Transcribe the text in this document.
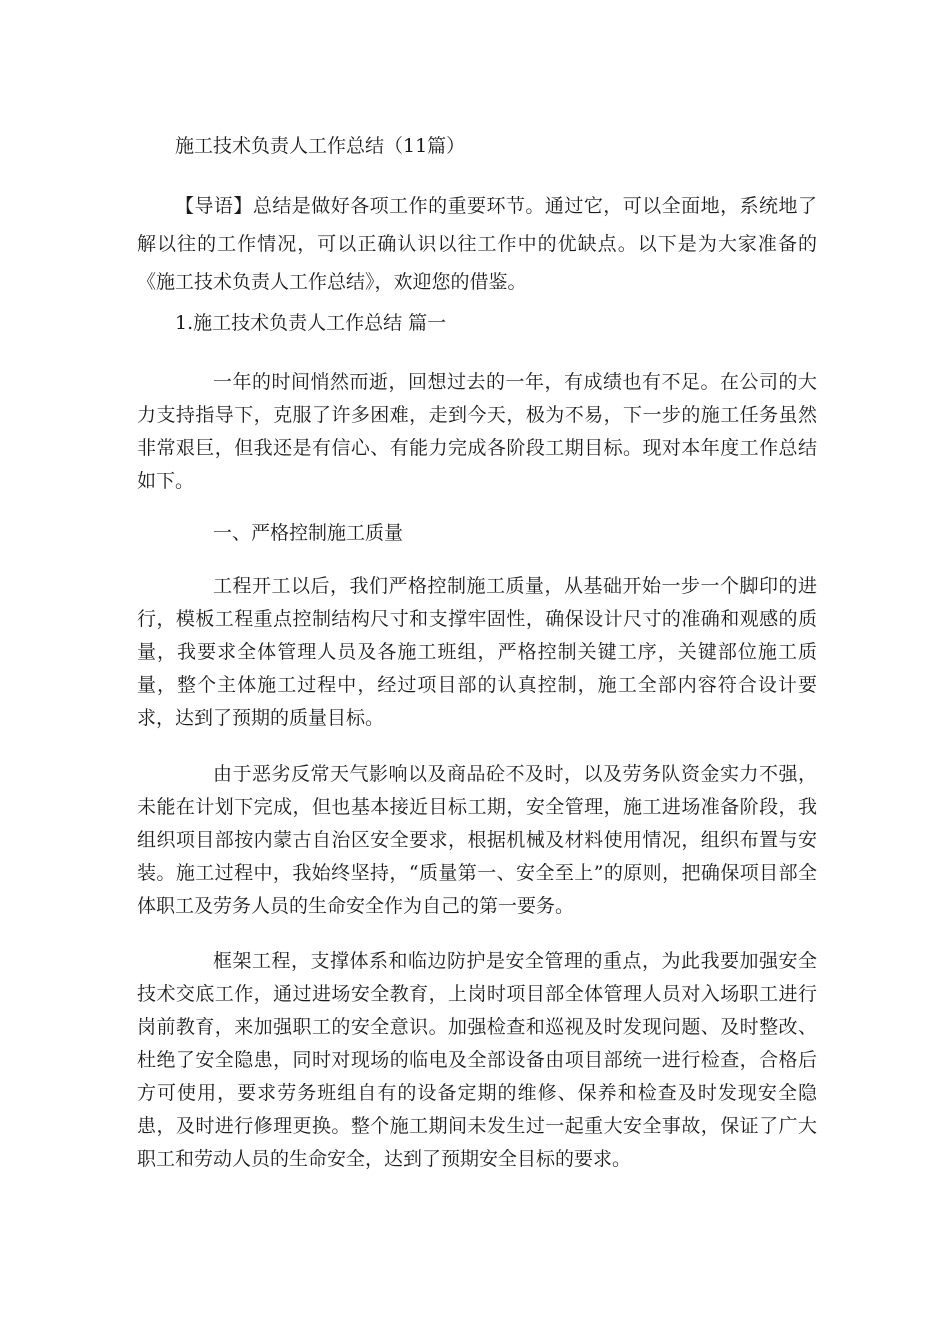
施工技术负责人工作总结（11篇）
【导语】总结是做好各项工作的重要环节。通过它，可以全面地，系统地了解以往的工作情况，可以正确认识以往工作中的优缺点。以下是为大家准备的《施工技术负责人工作总结》，欢迎您的借鉴。
1.施工技术负责人工作总结 篇一

一年的时间悄然而逝，回想过去的一年，有成绩也有不足。在公司的大力支持指导下，克服了许多困难，走到今天，极为不易，下一步的施工任务虽然非常艰巨，但我还是有信心、有能力完成各阶段工期目标。现对本年度工作总结如下。

一、严格控制施工质量

工程开工以后，我们严格控制施工质量，从基础开始一步一个脚印的进行，模板工程重点控制结构尺寸和支撑牢固性，确保设计尺寸的准确和观感的质量，我要求全体管理人员及各施工班组，严格控制关键工序，关键部位施工质量，整个主体施工过程中，经过项目部的认真控制，施工全部内容符合设计要求，达到了预期的质量目标。

由于恶劣反常天气影响以及商品砼不及时，以及劳务队资金实力不强，未能在计划下完成，但也基本接近目标工期，安全管理，施工进场准备阶段，我组织项目部按内蒙古自治区安全要求，根据机械及材料使用情况，组织布置与安装。施工过程中，我始终坚持，“质量第一、安全至上”的原则，把确保项目部全体职工及劳务人员的生命安全作为自己的第一要务。

框架工程，支撑体系和临边防护是安全管理的重点，为此我要加强安全技术交底工作，通过进场安全教育，上岗时项目部全体管理人员对入场职工进行岗前教育，来加强职工的安全意识。加强检查和巡视及时发现问题、及时整改、杜绝了安全隐患，同时对现场的临电及全部设备由项目部统一进行检查，合格后方可使用，要求劳务班组自有的设备定期的维修、保养和检查及时发现安全隐患，及时进行修理更换。整个施工期间未发生过一起重大安全事故，保证了广大职工和劳动人员的生命安全，达到了预期安全目标的要求。
